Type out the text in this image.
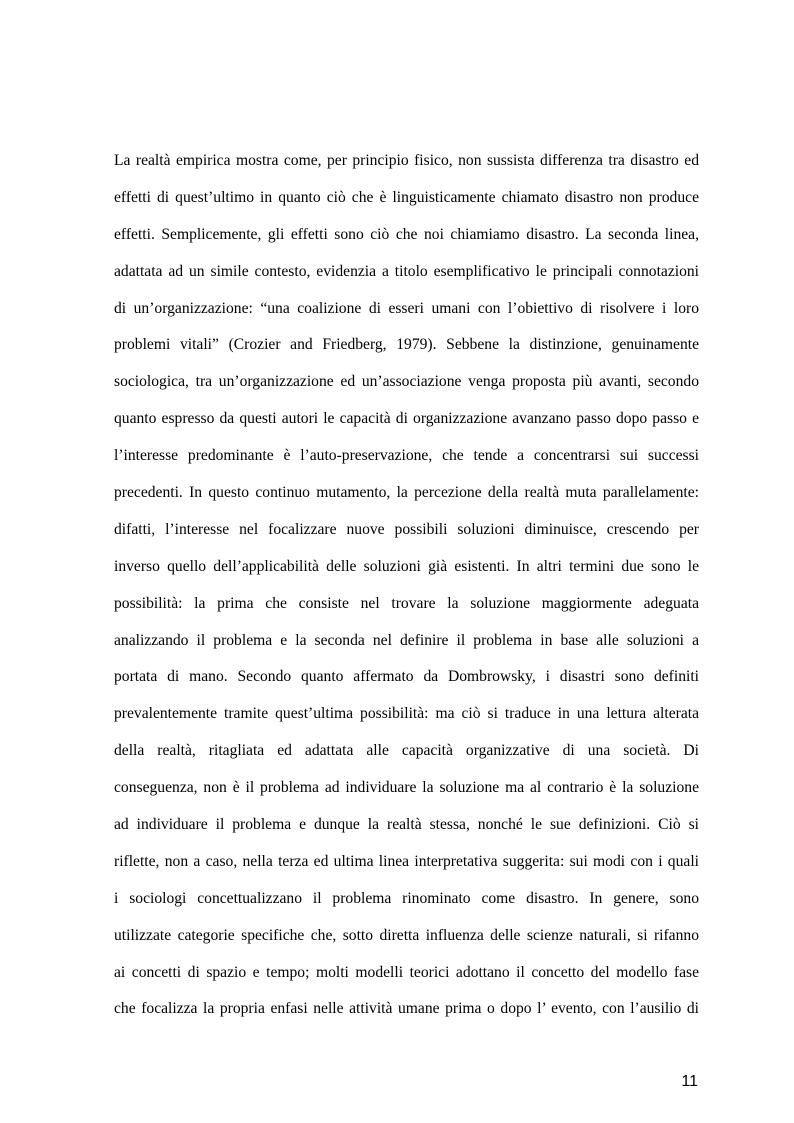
La realtà empirica mostra come, per principio fisico, non sussista differenza tra disastro ed
effetti di quest’ultimo in quanto ciò che è linguisticamente chiamato disastro non produce
effetti. Semplicemente, gli effetti sono ciò che noi chiamiamo disastro. La seconda linea,
adattata ad un simile contesto, evidenzia a titolo esemplificativo le principali connotazioni
di un’organizzazione: “una coalizione di esseri umani con l’obiettivo di risolvere i loro
problemi vitali” (Crozier and Friedberg, 1979). Sebbene la distinzione, genuinamente
sociologica, tra un’organizzazione ed un’associazione venga proposta più avanti, secondo
quanto espresso da questi autori le capacità di organizzazione avanzano passo dopo passo e
l’interesse predominante è l’auto-preservazione, che tende a concentrarsi sui successi
precedenti. In questo continuo mutamento, la percezione della realtà muta parallelamente:
difatti, l’interesse nel focalizzare nuove possibili soluzioni diminuisce, crescendo per
inverso quello dell’applicabilità delle soluzioni già esistenti. In altri termini due sono le
possibilità: la prima che consiste nel trovare la soluzione maggiormente adeguata
analizzando il problema e la seconda nel definire il problema in base alle soluzioni a
portata di mano. Secondo quanto affermato da Dombrowsky, i disastri sono definiti
prevalentemente tramite quest’ultima possibilità: ma ciò si traduce in una lettura alterata
della realtà, ritagliata ed adattata alle capacità organizzative di una società. Di
conseguenza, non è il problema ad individuare la soluzione ma al contrario è la soluzione
ad individuare il problema e dunque la realtà stessa, nonché le sue definizioni. Ciò si
riflette, non a caso, nella terza ed ultima linea interpretativa suggerita: sui modi con i quali
i sociologi concettualizzano il problema rinominato come disastro. In genere, sono
utilizzate categorie specifiche che, sotto diretta influenza delle scienze naturali, si rifanno
ai concetti di spazio e tempo; molti modelli teorici adottano il concetto del modello fase
che focalizza la propria enfasi nelle attività umane prima o dopo l’ evento, con l’ausilio di
11
